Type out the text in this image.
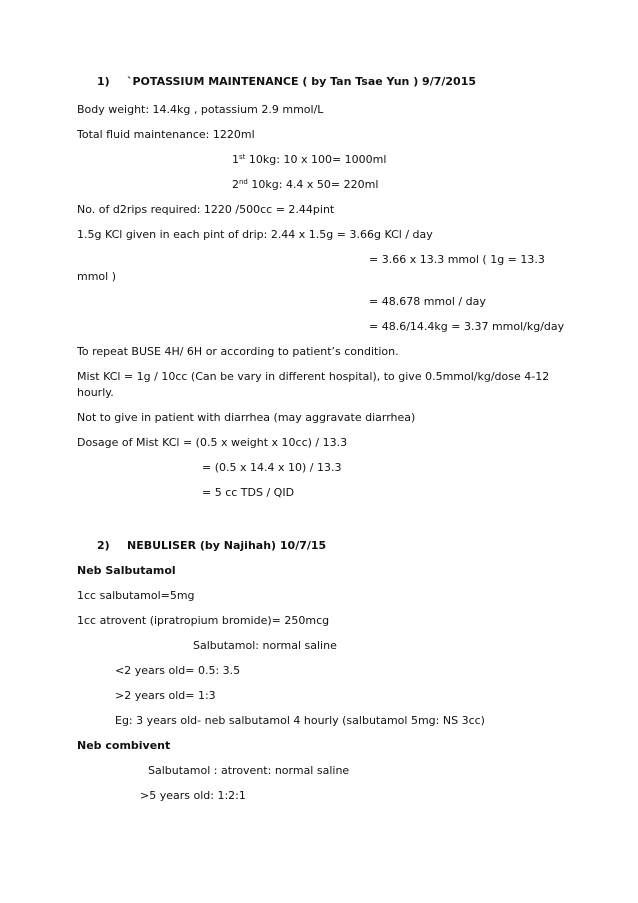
1) `POTASSIUM MAINTENANCE ( by Tan Tsae Yun ) 9/7/2015
Body weight: 14.4kg , potassium 2.9 mmol/L
Total fluid maintenance: 1220ml
1st 10kg: 10 x 100= 1000ml
2nd 10kg: 4.4 x 50= 220ml
No. of d2rips required: 1220 /500cc = 2.44pint
1.5g KCl given in each pint of drip: 2.44 x 1.5g = 3.66g KCl / day
= 3.66 x 13.3 mmol ( 1g = 13.3
mmol )
= 48.678 mmol / day
= 48.6/14.4kg = 3.37 mmol/kg/day
To repeat BUSE 4H/ 6H or according to patient’s condition.
Mist KCl = 1g / 10cc (Can be vary in different hospital), to give 0.5mmol/kg/dose 4-12
hourly.
Not to give in patient with diarrhea (may aggravate diarrhea)
Dosage of Mist KCl = (0.5 x weight x 10cc) / 13.3
= (0.5 x 14.4 x 10) / 13.3
= 5 cc TDS / QID
2) NEBULISER (by Najihah) 10/7/15
Neb Salbutamol
1cc salbutamol=5mg
1cc atrovent (ipratropium bromide)= 250mcg
Salbutamol: normal saline
<2 years old= 0.5: 3.5
>2 years old= 1:3
Eg: 3 years old- neb salbutamol 4 hourly (salbutamol 5mg: NS 3cc)
Neb combivent
Salbutamol : atrovent: normal saline
>5 years old: 1:2:1
